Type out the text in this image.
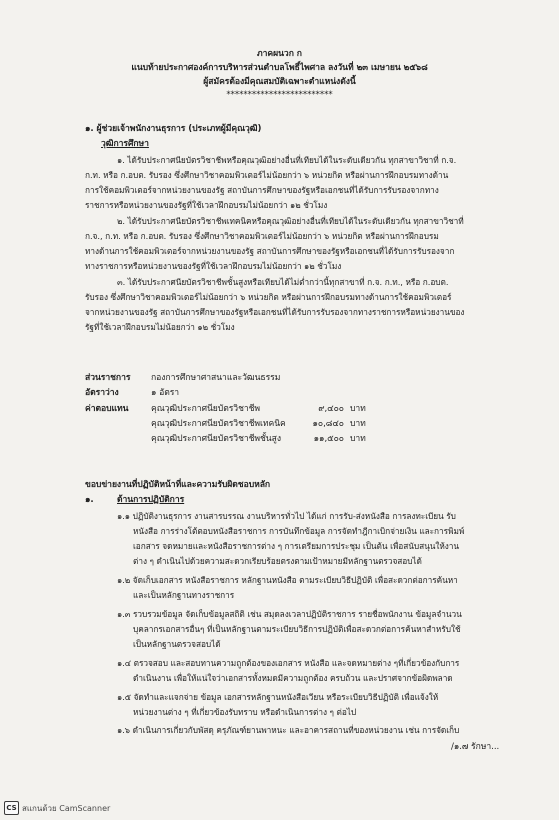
ภาคผนวก ก
แนบท้ายประกาศองค์การบริหารส่วนตำบลโพธิ์ไพศาล ลงวันที่ ๒๓ เมษายน ๒๕๖๘
ผู้สมัครต้องมีคุณสมบัติเฉพาะตำแหน่งดังนี้
*************************
๑. ผู้ช่วยเจ้าพนักงานธุรการ (ประเภทผู้มีคุณวุฒิ)
วุฒิการศึกษา
๑. ได้รับประกาศนียบัตรวิชาชีพหรือคุณวุฒิอย่างอื่นที่เทียบได้ในระดับเดียวกัน ทุกสาขาวิชาที่ ก.จ.
ก.ท. หรือ ก.อบต. รับรอง ซึ่งศึกษาวิชาคอมพิวเตอร์ไม่น้อยกว่า ๖ หน่วยกิต หรือผ่านการฝึกอบรมทางด้าน
การใช้คอมพิวเตอร์จากหน่วยงานของรัฐ สถาบันการศึกษาของรัฐหรือเอกชนที่ได้รับการรับรองจากทาง
ราชการหรือหน่วยงานของรัฐที่ใช้เวลาฝึกอบรมไม่น้อยกว่า ๑๒ ชั่วโมง
๒. ได้รับประกาศนียบัตรวิชาชีพเทคนิคหรือคุณวุฒิอย่างอื่นที่เทียบได้ในระดับเดียวกัน ทุกสาขาวิชาที่
ก.จ., ก.ท. หรือ ก.อบต. รับรอง ซึ่งศึกษาวิชาคอมพิวเตอร์ไม่น้อยกว่า ๖ หน่วยกิต หรือผ่านการฝึกอบรม
ทางด้านการใช้คอมพิวเตอร์จากหน่วยงานของรัฐ สถาบันการศึกษาของรัฐหรือเอกชนที่ได้รับการรับรองจาก
ทางราชการหรือหน่วยงานของรัฐที่ใช้เวลาฝึกอบรมไม่น้อยกว่า ๑๒ ชั่วโมง
๓. ได้รับประกาศนียบัตรวิชาชีพชั้นสูงหรือเทียบได้ไม่ต่ำกว่านี้ทุกสาขาที่ ก.จ. ก.ท., หรือ ก.อบต.
รับรอง ซึ่งศึกษาวิชาคอมพิวเตอร์ไม่น้อยกว่า ๖ หน่วยกิต หรือผ่านการฝึกอบรมทางด้านการใช้คอมพิวเตอร์
จากหน่วยงานของรัฐ สถาบันการศึกษาของรัฐหรือเอกชนที่ได้รับการรับรองจากทางราชการหรือหน่วยงานของ
รัฐที่ใช้เวลาฝึกอบรมไม่น้อยกว่า ๑๒ ชั่วโมง
ส่วนราชการ กองการศึกษาศาสนาและวัฒนธรรม
อัตราว่าง	๑ อัตรา
ค่าตอบแทน	คุณวุฒิประกาศนียบัตรวิชาชีพ	๙,๔๐๐ บาท
คุณวุฒิประกาศนียบัตรวิชาชีพเทคนิค	๑๐,๘๔๐ บาท
คุณวุฒิประกาศนียบัตรวิชาชีพชั้นสูง	๑๑,๕๐๐ บาท
ขอบข่ายงานที่ปฏิบัติหน้าที่และความรับผิดชอบหลัก
๑.	ด้านการปฏิบัติการ
๑.๑ ปฏิบัติงานธุรการ งานสารบรรณ งานบริหารทั่วไป ได้แก่ การรับ-ส่งหนังสือ การลงทะเบียน รับ
หนังสือ การร่างโต้ตอบหนังสือราชการ การบันทึกข้อมูล การจัดทำฎีกาเบิกจ่ายเงิน และการพิมพ์
เอกสาร จดหมายและหนังสือราชการต่าง ๆ การเตรียมการประชุม เป็นต้น เพื่อสนับสนุนให้งาน
ต่าง ๆ ดำเนินไปด้วยความสะดวกเรียบร้อยตรงตามเป้าหมายมีหลักฐานตรวจสอบได้
๑.๒ จัดเก็บเอกสาร หนังสือราชการ หลักฐานหนังสือ ตามระเบียบวิธีปฏิบัติ เพื่อสะดวกต่อการค้นหา
และเป็นหลักฐานทางราชการ
๑.๓ รวบรวมข้อมูล จัดเก็บข้อมูลสถิติ เช่น สมุดลงเวลาปฏิบัติราชการ รายชื่อพนักงาน ข้อมูลจำนวน
บุคลากรเอกสารอื่นๆ ที่เป็นหลักฐานตามระเบียบวิธีการปฏิบัติเพื่อสะดวกต่อการค้นหาสำหรับใช้
เป็นหลักฐานตรวจสอบได้
๑.๔ ตรวจสอบ และสอบทานความถูกต้องของเอกสาร หนังสือ และจดหมายต่าง ๆที่เกี่ยวข้องกับการ
ดำเนินงาน เพื่อให้แน่ใจว่าเอกสารทั้งหมดมีความถูกต้อง ครบถ้วน และปราศจากข้อผิดพลาด
๑.๕ จัดทำและแจกจ่าย ข้อมูล เอกสารหลักฐานหนังสือเวียน หรือระเบียบวิธีปฏิบัติ เพื่อแจ้งให้
หน่วยงานต่าง ๆ ที่เกี่ยวข้องรับทราบ หรือดำเนินการต่าง ๆ ต่อไป
๑.๖ ดำเนินการเกี่ยวกับพัสดุ ครุภัณฑ์ยานพาหนะ และอาคารสถานที่ของหน่วยงาน เช่น การจัดเก็บ
/๑.๗ รักษา...
CS สแกนด้วย CamScanner
